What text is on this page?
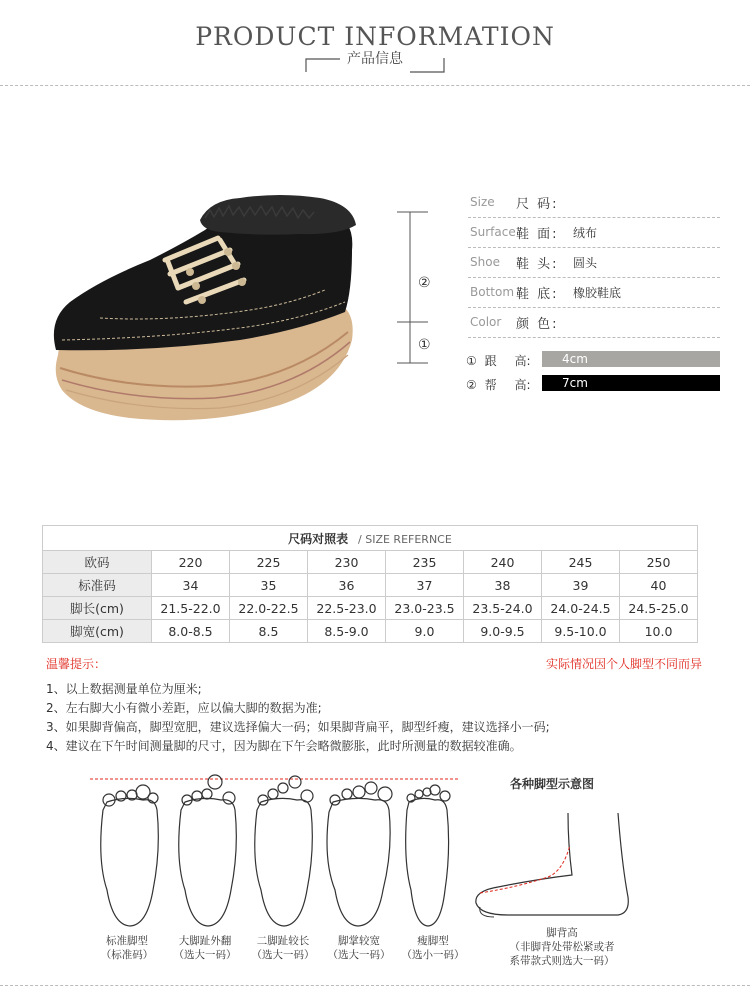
PRODUCT INFORMATION
产品信息
②
①
Size 尺 码:
Surface 鞋 面: 绒布
Shoe 鞋 头: 圆头
Bottom 鞋 底: 橡胶鞋底
Color 颜 色:
① 跟 高:	4cm
② 帮 高:	7cm
尺码对照表 / SIZE REFERNCE							
欧码	220	225	230	235	240	245	250
标准码	34	35	36	37	38	39	40
脚长(cm)	21.5-22.0	22.0-22.5	22.5-23.0	23.0-23.5	23.5-24.0	24.0-24.5	24.5-25.0
脚宽(cm)	8.0-8.5	8.5	8.5-9.0	9.0	9.0-9.5	9.5-10.0	10.0
温馨提示：	实际情况因个人脚型不同而异
1、以上数据测量单位为厘米;
2、左右脚大小有微小差距，应以偏大脚的数据为准;
3、如果脚背偏高，脚型宽肥，建议选择偏大一码；如果脚背扁平，脚型纤瘦，建议选择小一码;
4、建议在下午时间测量脚的尺寸，因为脚在下午会略微膨胀，此时所测量的数据较准确。
标准脚型
（标准码）
大脚趾外翻
（选大一码）
二脚趾较长
（选大一码）
脚掌较宽
（选大一码）
瘦脚型
（选小一码）
各种脚型示意图
脚背高
（非脚背处带松紧或者
系带款式则选大一码）
